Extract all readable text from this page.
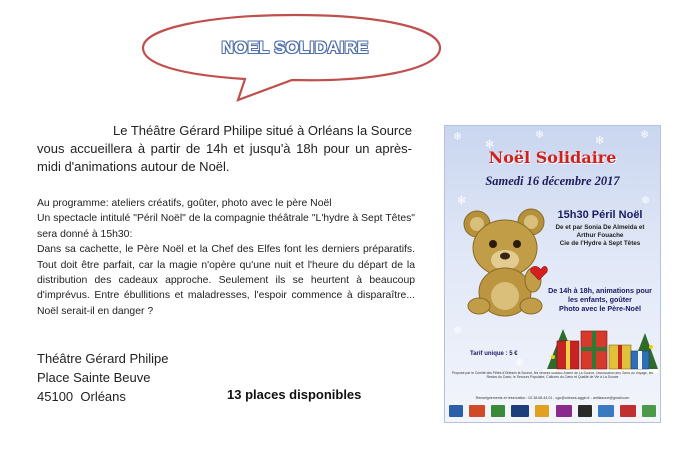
NOEL SOLIDAIRE
Le Théâtre Gérard Philipe situé à Orléans la Source vous accueillera à partir de 14h et jusqu'à 18h pour un après-midi d'animations autour de Noël.

Au programme: ateliers créatifs, goûter, photo avec le père Noël

Un spectacle intitulé "Péril Noël" de la compagnie théâtrale "L'hydre à Sept Têtes" sera donné à 15h30:

Dans sa cachette, le Père Noël et la Chef des Elfes font les derniers préparatifs. Tout doit être parfait, car la magie n'opère qu'une nuit et l'heure du départ de la distribution des cadeaux approche. Seulement ils se heurtent à beaucoup d'imprévus. Entre ébullitions et maladresses, l'espoir commence à disparaître... Noël serait-il en danger ?

Théâtre Gérard Philipe
Place Sainte Beuve
45100  Orléans	13 places disponibles
❄
✻
❄	✻	❄
✻	❄
❄
❄
Noël Solidaire
Samedi 16 décembre 2017
15h30 Péril Noël
De et par Sonia De Almeida et
Arthur Fouache
Cie de l'Hydre à Sept Têtes
De 14h à 18h, animations pour
les enfants, goûter
Photo avec le Père-Noël
Tarif unique : 5 €
Proposé par le Comité des Fêtes d'Orléans la Source, les centres sociaux Animé de La Source, l'association des Gens du Voyage, les Restos du Cœur, le Secours Populaire, Cultures du Cœur et Qualité de Vie à La Source
Renseignements et réservation : 02.38.68.44.01 - cgc@orleans-agglo.fr - antilazone@gmail.com
